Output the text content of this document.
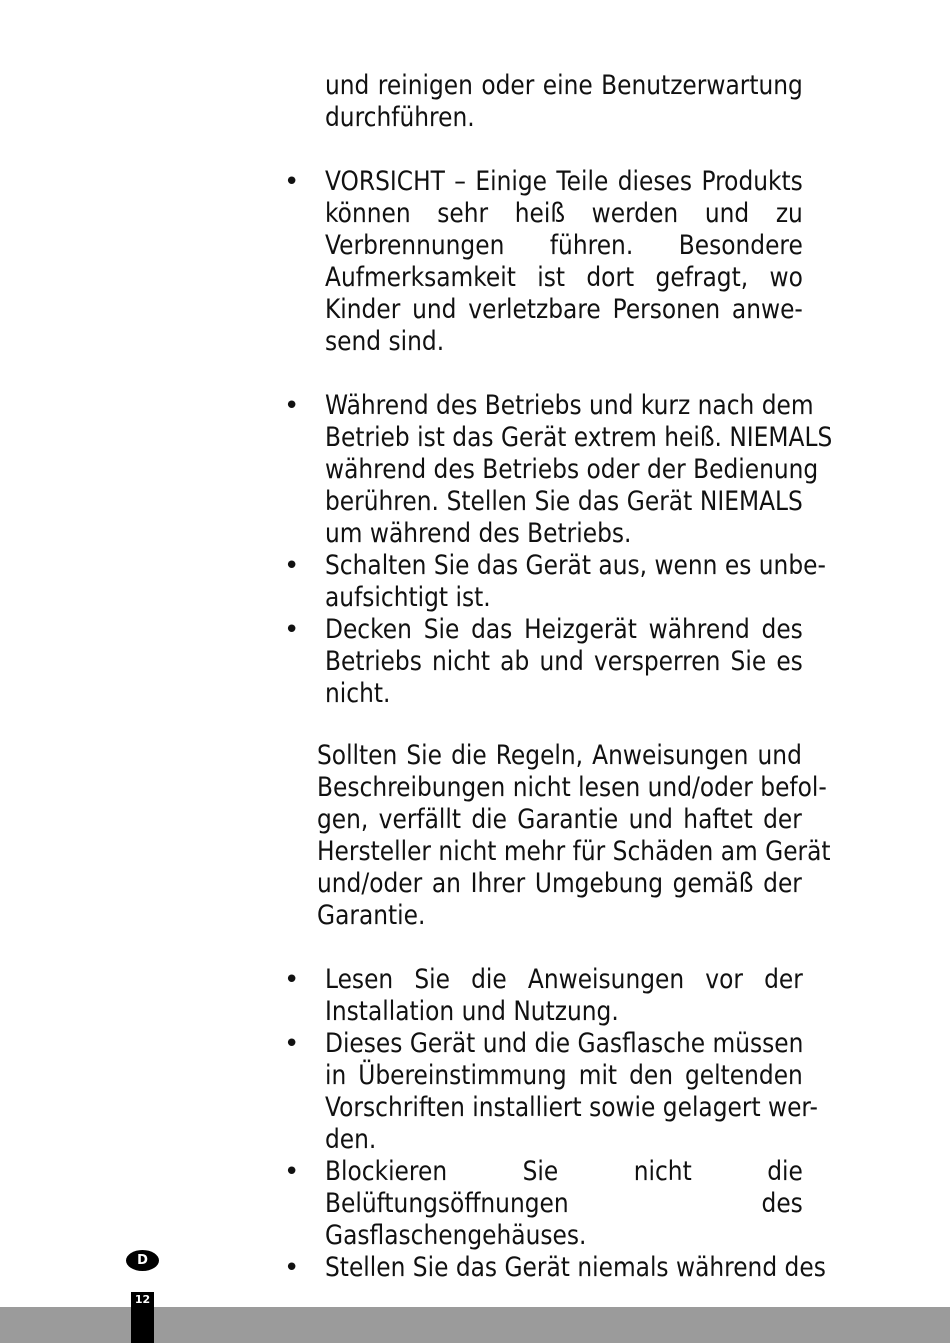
und reinigen oder eine Benutzerwartung
durchführen.
• VORSICHT – Einige Teile dieses Produkts
können sehr heiß werden und zu
Verbrennungen führen. Besondere
Aufmerksamkeit ist dort gefragt, wo
Kinder und verletzbare Personen anwe-
send sind.
• Während des Betriebs und kurz nach dem
Betrieb ist das Gerät extrem heiß. NIEMALS
während des Betriebs oder der Bedienung
berühren. Stellen Sie das Gerät NIEMALS
um während des Betriebs.
• Schalten Sie das Gerät aus, wenn es unbe-
aufsichtigt ist.
• Decken Sie das Heizgerät während des
Betriebs nicht ab und versperren Sie es
nicht.
Sollten Sie die Regeln, Anweisungen und
Beschreibungen nicht lesen und/oder befol-
gen, verfällt die Garantie und haftet der
Hersteller nicht mehr für Schäden am Gerät
und/oder an Ihrer Umgebung gemäß der
Garantie.
• Lesen Sie die Anweisungen vor der
Installation und Nutzung.
• Dieses Gerät und die Gasflasche müssen
in Übereinstimmung mit den geltenden
Vorschriften installiert sowie gelagert wer-
den.
• Blockieren Sie nicht die
Belüftungsöffnungen des
Gasflaschengehäuses.
• Stellen Sie das Gerät niemals während des
D
12
